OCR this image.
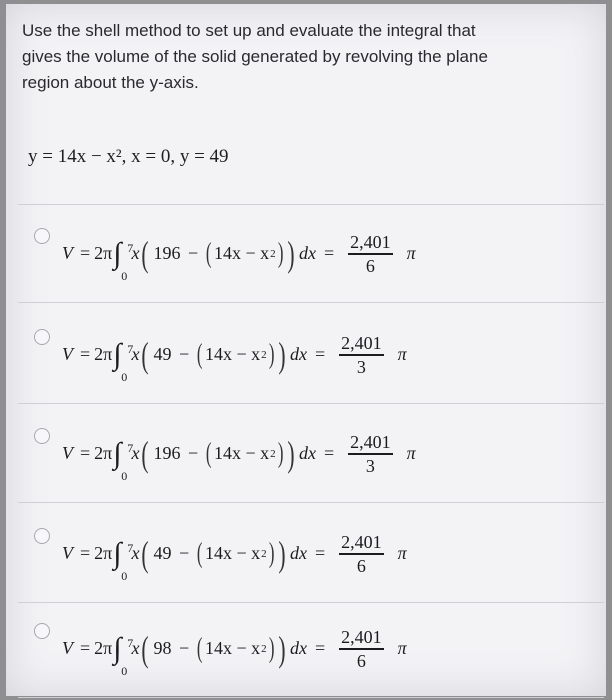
Use the shell method to set up and evaluate the integral that

gives the volume of the solid generated by revolving the plane

region about the y-axis.

y = 14x − x², x = 0, y = 49
V = 2π ∫ 7
0
x ( 196 − ( 14x − x 2 ) ) dx = $\frac{2,401}{6}$ π
V = 2π ∫ 7
0
x ( 49 − ( 14x − x 2 ) ) dx = $\frac{2,401}{3}$ π
V = 2π ∫ 7
0
x ( 196 − ( 14x − x 2 ) ) dx = $\frac{2,401}{3}$ π
V = 2π ∫ 7
0
x ( 49 − ( 14x − x 2 ) ) dx = $\frac{2,401}{6}$ π
V = 2π ∫ 7
0
x ( 98 − ( 14x − x 2 ) ) dx = $\frac{2,401}{6}$ π
